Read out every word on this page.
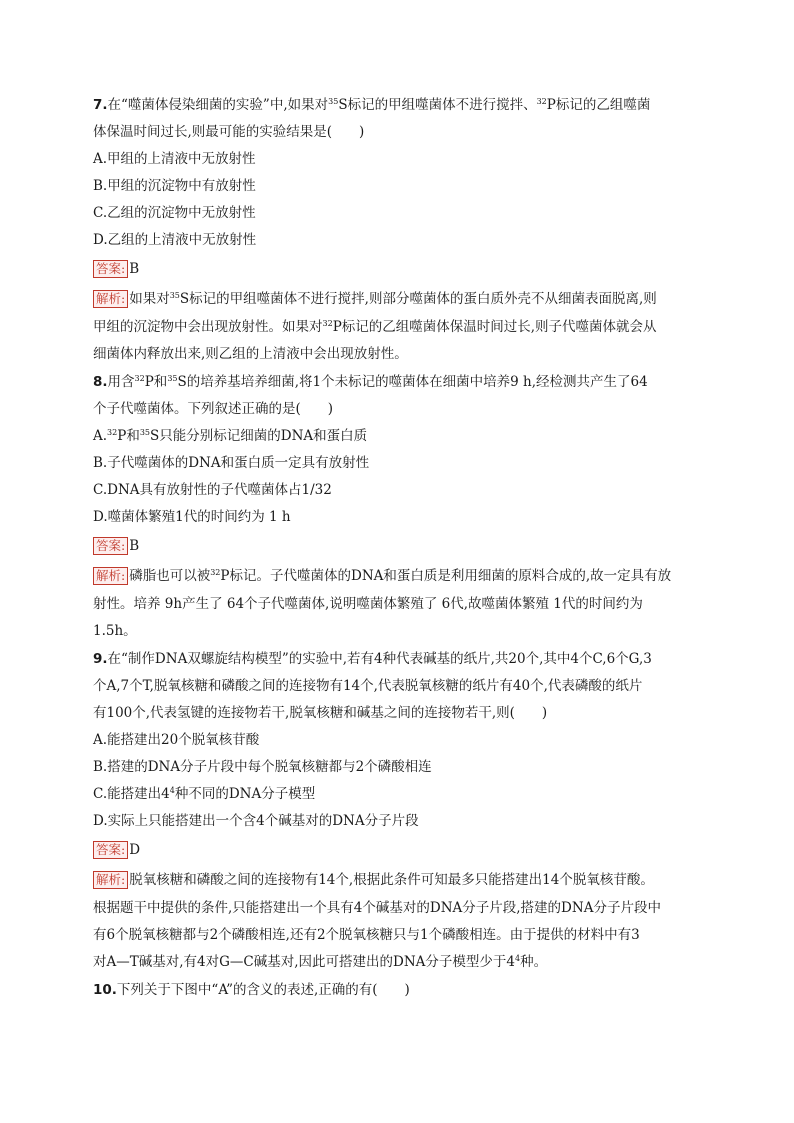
7.在“噬菌体侵染细菌的实验”中,如果对$^{35}$S标记的甲组噬菌体不进行搅拌、$^{32}$P标记的乙组噬菌
体保温时间过长,则最可能的实验结果是(　　)
A.甲组的上清液中无放射性
B.甲组的沉淀物中有放射性
C.乙组的沉淀物中无放射性
D.乙组的上清液中无放射性
答案: B
解析: 如果对$^{35}$S标记的甲组噬菌体不进行搅拌,则部分噬菌体的蛋白质外壳不从细菌表面脱离,则
甲组的沉淀物中会出现放射性。如果对$^{32}$P标记的乙组噬菌体保温时间过长,则子代噬菌体就会从
细菌体内释放出来,则乙组的上清液中会出现放射性。
8.用含$^{32}$P和$^{35}$S的培养基培养细菌,将1个未标记的噬菌体在细菌中培养9 h,经检测共产生了64
个子代噬菌体。下列叙述正确的是(　　)
A.$^{32}$P和$^{35}$S只能分别标记细菌的DNA和蛋白质
B.子代噬菌体的DNA和蛋白质一定具有放射性
C.DNA具有放射性的子代噬菌体占1/32
D.噬菌体繁殖1代的时间约为 1 h
答案: B
解析: 磷脂也可以被$^{32}$P标记。子代噬菌体的DNA和蛋白质是利用细菌的原料合成的,故一定具有放
射性。培养 9h产生了 64个子代噬菌体,说明噬菌体繁殖了 6代,故噬菌体繁殖 1代的时间约为
1.5h。
9.在“制作DNA双螺旋结构模型”的实验中,若有4种代表碱基的纸片,共20个,其中4个C,6个G,3
个A,7个T,脱氧核糖和磷酸之间的连接物有14个,代表脱氧核糖的纸片有40个,代表磷酸的纸片
有100个,代表氢键的连接物若干,脱氧核糖和碱基之间的连接物若干,则(　　)
A.能搭建出20个脱氧核苷酸
B.搭建的DNA分子片段中每个脱氧核糖都与2个磷酸相连
C.能搭建出$4^4$种不同的DNA分子模型
D.实际上只能搭建出一个含4个碱基对的DNA分子片段
答案: D
解析: 脱氧核糖和磷酸之间的连接物有14个,根据此条件可知最多只能搭建出14个脱氧核苷酸。
根据题干中提供的条件,只能搭建出一个具有4个碱基对的DNA分子片段,搭建的DNA分子片段中
有6个脱氧核糖都与2个磷酸相连,还有2个脱氧核糖只与1个磷酸相连。由于提供的材料中有3
对A—T碱基对,有4对G—C碱基对,因此可搭建出的DNA分子模型少于$4^4$种。
10.下列关于下图中“A”的含义的表述,正确的有(　　)
